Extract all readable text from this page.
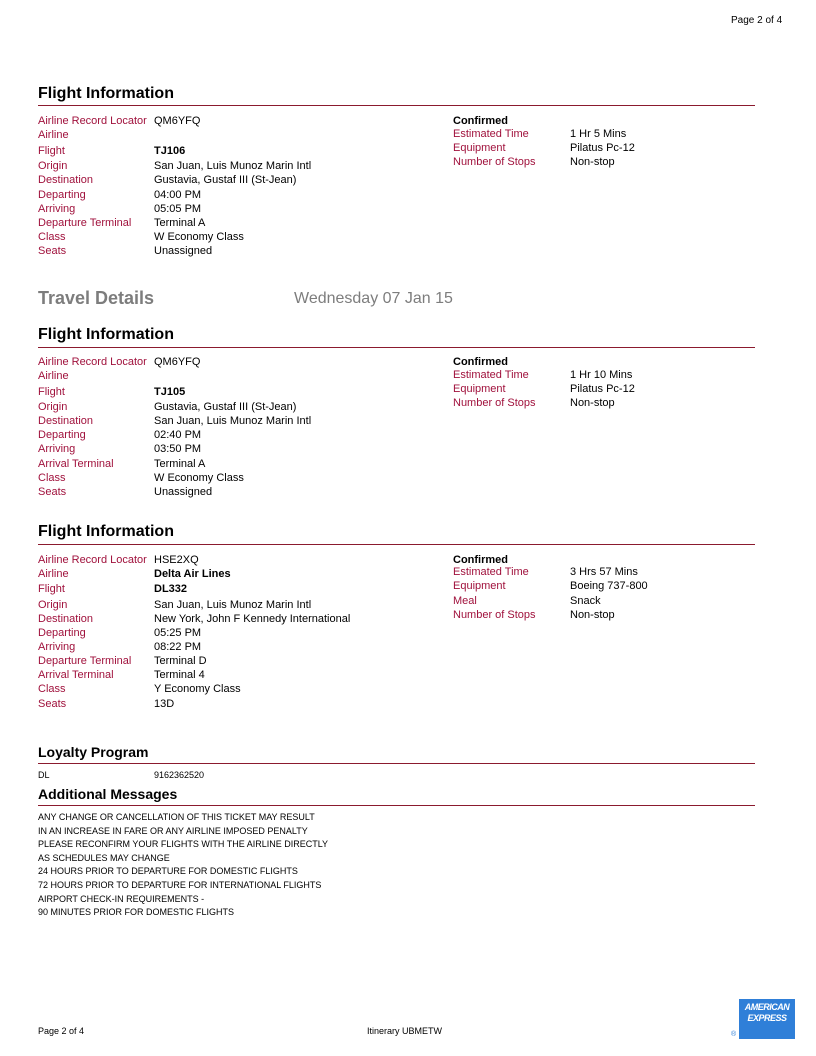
Page 2 of 4
Flight Information
Airline Record Locator QM6YFQ
Airline
Flight	TJ106
Origin	San Juan, Luis Munoz Marin Intl
Destination	Gustavia, Gustaf III (St-Jean)
Departing	04:00 PM
Arriving	05:05 PM
Departure Terminal Terminal A
Class	W Economy Class
Seats	Unassigned
Confirmed
Estimated Time	1 Hr 5 Mins
Equipment	Pilatus Pc-12
Number of Stops	Non-stop
Travel Details	Wednesday 07 Jan 15
Flight Information
Airline Record Locator QM6YFQ
Airline
Flight	TJ105
Origin	Gustavia, Gustaf III (St-Jean)
Destination	San Juan, Luis Munoz Marin Intl
Departing	02:40 PM
Arriving	03:50 PM
Arrival Terminal	Terminal A
Class	W Economy Class
Seats	Unassigned
Confirmed
Estimated Time	1 Hr 10 Mins
Equipment	Pilatus Pc-12
Number of Stops	Non-stop
Flight Information
Airline Record Locator HSE2XQ
Airline	Delta Air Lines
Flight	DL332
Origin	San Juan, Luis Munoz Marin Intl
Destination	New York, John F Kennedy International
Departing	05:25 PM
Arriving	08:22 PM
Departure Terminal Terminal D
Arrival Terminal	Terminal 4
Class	Y Economy Class
Seats	13D
Confirmed
Estimated Time	3 Hrs 57 Mins
Equipment	Boeing 737-800
Meal	Snack
Number of Stops	Non-stop
Loyalty Program
DL	9162362520
Additional Messages
ANY CHANGE OR CANCELLATION OF THIS TICKET MAY RESULT
IN AN INCREASE IN FARE OR ANY AIRLINE IMPOSED PENALTY
PLEASE RECONFIRM YOUR FLIGHTS WITH THE AIRLINE DIRECTLY
AS SCHEDULES MAY CHANGE
24 HOURS PRIOR TO DEPARTURE FOR DOMESTIC FLIGHTS
72 HOURS PRIOR TO DEPARTURE FOR INTERNATIONAL FLIGHTS
AIRPORT CHECK-IN REQUIREMENTS -
90 MINUTES PRIOR FOR DOMESTIC FLIGHTS
Page 2 of 4	Itinerary UBMETW
AMERICAN
EXPRESS
®
